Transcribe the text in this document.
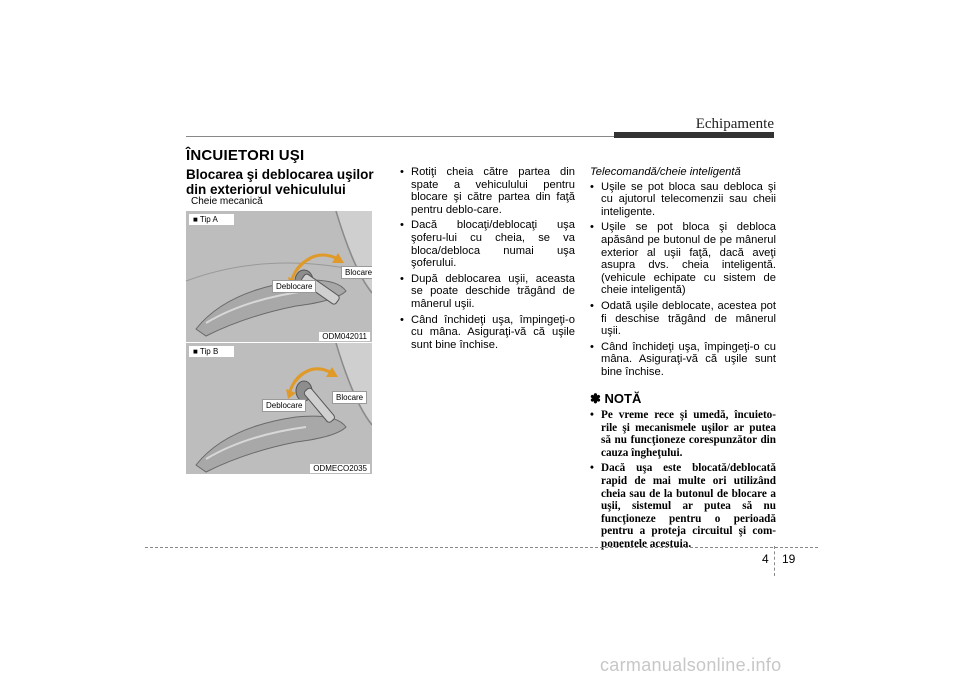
Echipamente
ÎNCUIETORI UŞI
Blocarea şi deblocarea uşilor din exteriorul vehiculului
Cheie mecanică
■ Tip A
Blocare
Deblocare
ODM042011
■ Tip B
Blocare
Deblocare
ODMECO2035
• Rotiţi cheia către partea din spate a vehiculului pentru blocare şi către partea din faţă pentru deblo-care.
• Dacă blocaţi/deblocaţi uşa şoferu-lui cu cheia, se va bloca/debloca numai uşa şoferului.
• După deblocarea uşii, aceasta se poate deschide trăgând de mânerul uşii.
• Când închideţi uşa, împingeţi-o cu mâna. Asiguraţi-vă că uşile sunt bine închise.
Telecomandă/cheie inteligentă
• Uşile se pot bloca sau debloca şi cu ajutorul telecomenzii sau cheii inteligente.
• Uşile se pot bloca şi debloca apăsând pe butonul de pe mânerul exterior al uşii faţă, dacă aveţi asupra dvs. cheia inteligentă. (vehicule echipate cu sistem de cheie inteligentă)
• Odată uşile deblocate, acestea pot fi deschise trăgând de mânerul uşii.
• Când închideţi uşa, împingeţi-o cu mâna. Asiguraţi-vă că uşile sunt bine închise.
✽ NOTĂ
• Pe vreme rece şi umedă, încuieto-rile şi mecanismele uşilor ar putea să nu funcţioneze corespunzător din cauza îngheţului.
• Dacă uşa este blocată/deblocată rapid de mai multe ori utilizând cheia sau de la butonul de blocare a uşii, sistemul ar putea să nu funcţioneze pentru o perioadă pentru a proteja circuitul şi com-ponentele acestuia.
4 19
carmanualsonline.info
